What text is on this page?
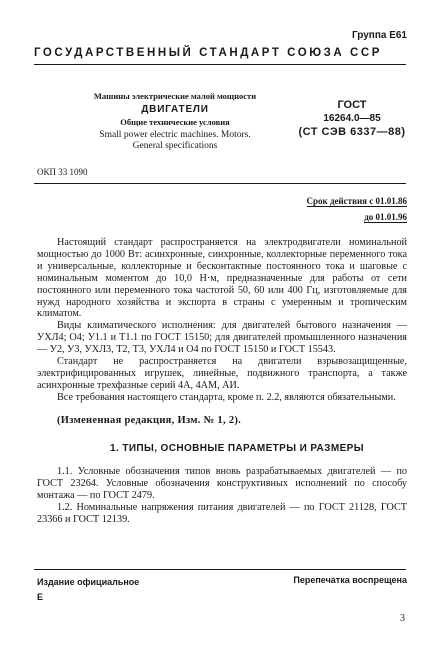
Группа Е61
ГОСУДАРСТВЕННЫЙ СТАНДАРТ СОЮЗА ССР
Машины электрические малой мощности
ДВИГАТЕЛИ
Общие технические условия
Small power electric machines. Motors.
General specifications
ГОСТ
16264.0—85
(СТ СЭВ 6337—88)
ОКП 33 1090
Срок действия с 01.01.86
до 01.01.96

Настоящий стандарт распространяется на электродвигатели номинальной мощностью до 1000 Вт: асинхронные, синхронные, коллекторные переменного тока и универсальные, коллекторные и бесконтактные постоянного тока и шаговые с номинальным моментом до 10,0 Н·м, предназначенные для работы от сети постоянного или переменного тока частотой 50, 60 или 400 Гц, изготовляемые для нужд народного хозяйства и экспорта в страны с умеренным и тропическим климатом.

Виды климатического исполнения: для двигателей бытового назначения — УХЛ4; О4; У1.1 и Т1.1 по ГОСТ 15150; для двигателей промышленного назначения — У2, У3, УХЛ3, Т2, Т3, УХЛ4 и О4 по ГОСТ 15150 и ГОСТ 15543.

Стандарт не распространяется на двигатели взрывозащищенные, электрифицированных игрушек, линейные, подвижного транспорта, а также асинхронные трехфазные серий 4А, 4АМ, АИ.

Все требования настоящего стандарта, кроме п. 2.2, являются обязательными.

(Измененная редакция, Изм. № 1, 2).
1. ТИПЫ, ОСНОВНЫЕ ПАРАМЕТРЫ И РАЗМЕРЫ

1.1. Условные обозначения типов вновь разрабатываемых двигателей — по ГОСТ 23264. Условные обозначения конструктивных исполнений по способу монтажа — по ГОСТ 2479.

1.2. Номинальные напряжения питания двигателей — по ГОСТ 21128, ГОСТ 23366 и ГОСТ 12139.

Издание официальное
Е
Перепечатка воспрещена
3
